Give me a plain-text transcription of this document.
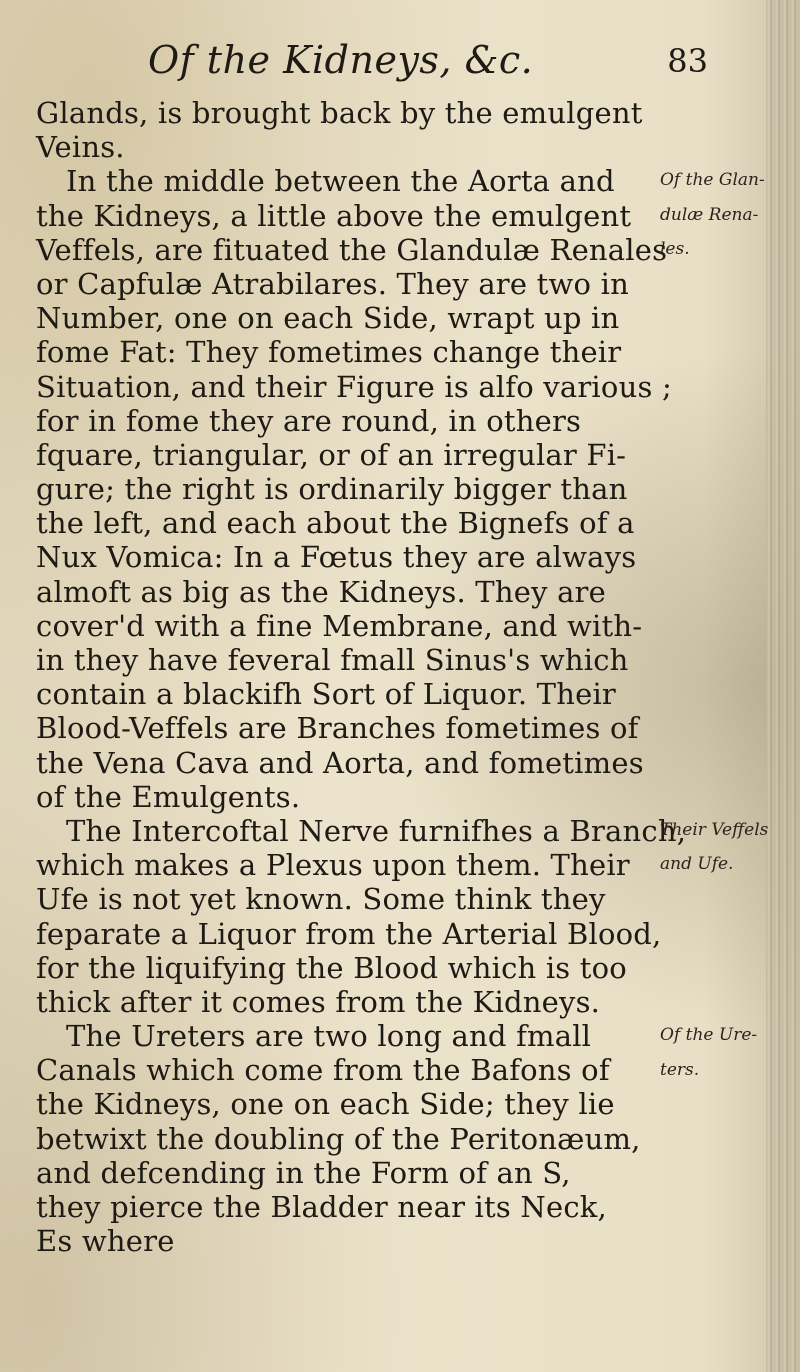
Of the Kidneys, &c.	83
Glands, is brought back by the emulgent
Veins.
In the middle between the Aorta and
the Kidneys, a little above the emulgent
Veffels, are fituated the Glandulæ Renales
or Capfulæ Atrabilares. They are two in
Number, one on each Side, wrapt up in
fome Fat: They fometimes change their
Situation, and their Figure is alfo various ;
for in fome they are round, in others
fquare, triangular, or of an irregular Fi-
gure; the right is ordinarily bigger than
the left, and each about the Bignefs of a
Nux Vomica: In a Fœtus they are always
almoft as big as the Kidneys. They are
cover'd with a fine Membrane, and with-
in they have feveral fmall Sinus's which
contain a blackifh Sort of Liquor. Their
Blood-Veffels are Branches fometimes of
the Vena Cava and Aorta, and fometimes
of the Emulgents.
The Intercoftal Nerve furnifhes a Branch,
which makes a Plexus upon them. Their
Ufe is not yet known. Some think they
feparate a Liquor from the Arterial Blood,
for the liquifying the Blood which is too
thick after it comes from the Kidneys.
The Ureters are two long and fmall
Canals which come from the Bafons of
the Kidneys, one on each Side; they lie
betwixt the doubling of the Peritonæum,
and defcending in the Form of an S,
they pierce the Bladder near its Neck,
Es where
Of the Glan-
dulæ Rena-
les.
Their Veffels
and Ufe.
Of the Ure-
ters.
